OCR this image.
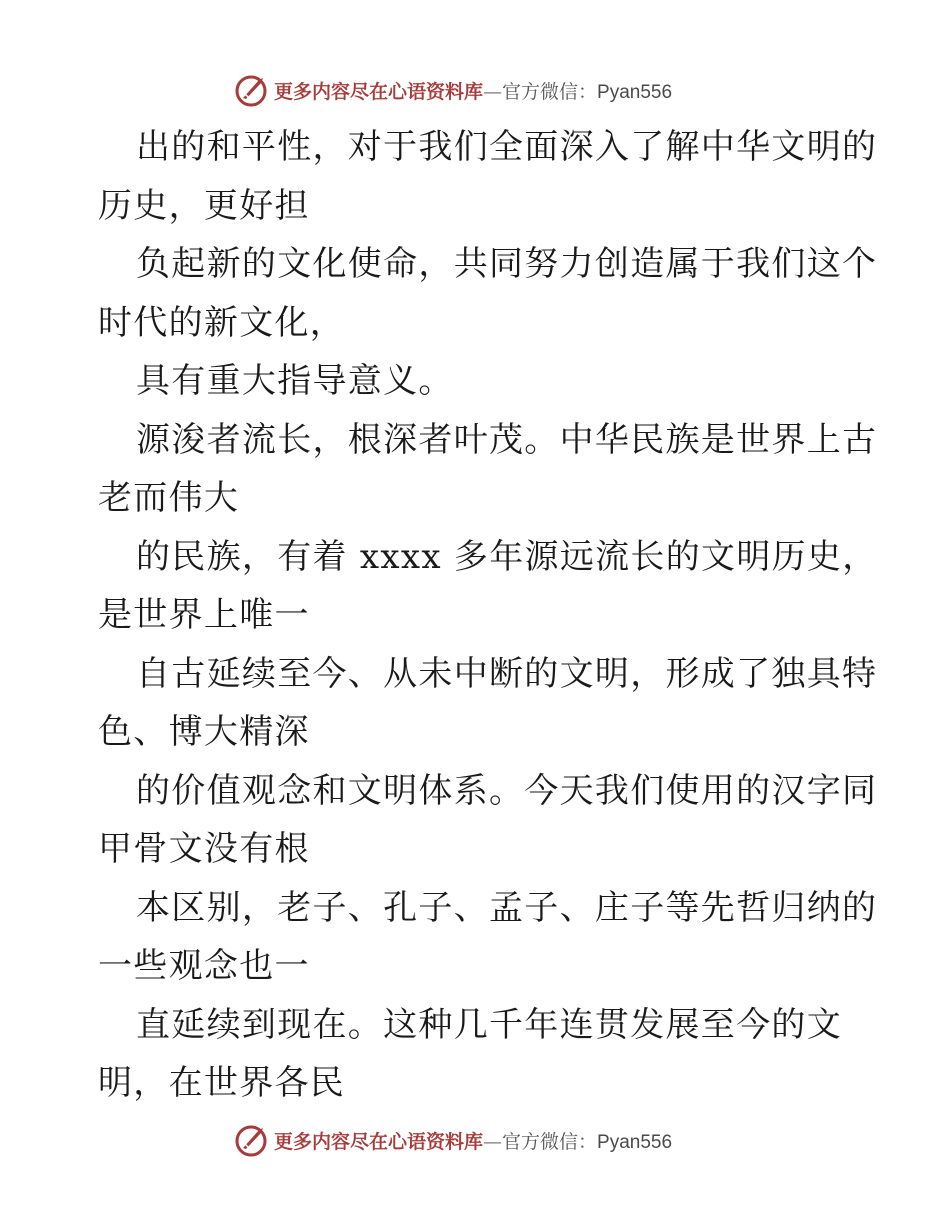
更多内容尽在心语资料库—官方微信：Pyan556
出的和平性，对于我们全面深入了解中华文明的
历史，更好担
负起新的文化使命，共同努力创造属于我们这个
时代的新文化，
具有重大指导意义。
源浚者流长，根深者叶茂。中华民族是世界上古
老而伟大
的民族，有着 xxxx 多年源远流长的文明历史，
是世界上唯一
自古延续至今、从未中断的文明，形成了独具特
色、博大精深
的价值观念和文明体系。今天我们使用的汉字同
甲骨文没有根
本区别，老子、孔子、孟子、庄子等先哲归纳的
一些观念也一
直延续到现在。这种几千年连贯发展至今的文
明，在世界各民
更多内容尽在心语资料库—官方微信：Pyan556
